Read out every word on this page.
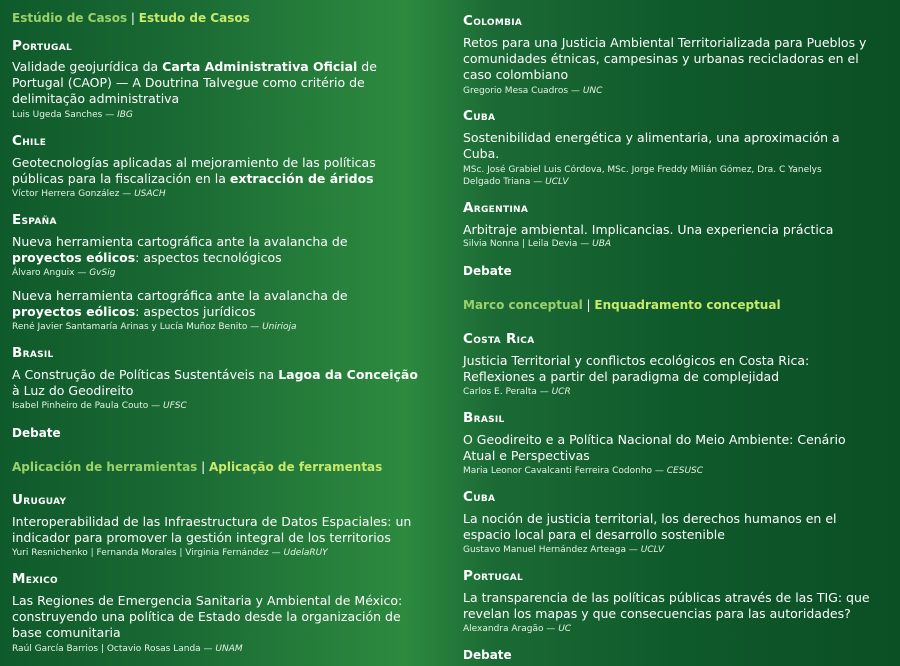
Estúdio de Casos | Estudo de Casos
Portugal
Validade geojurídica da Carta Administrativa Oficial de
Portugal (CAOP) — A Doutrina Talvegue como critério de
delimitação administrativa
Luis Ugeda Sanches — IBG
Chile
Geotecnologías aplicadas al mejoramiento de las políticas
públicas para la fiscalización en la extracción de áridos
Víctor Herrera González — USACH
España
Nueva herramienta cartográfica ante la avalancha de
proyectos eólicos: aspectos tecnológicos
Álvaro Anguix — GvSig
Nueva herramienta cartográfica ante la avalancha de
proyectos eólicos: aspectos jurídicos
René Javier Santamaría Arinas y Lucía Muñoz Benito — Unirioja
Brasil
A Construção de Políticas Sustentáveis na Lagoa da Conceição
à Luz do Geodireito
Isabel Pinheiro de Paula Couto — UFSC
Debate
Aplicación de herramientas | Aplicação de ferramentas
Uruguay
Interoperabilidad de las Infraestructura de Datos Espaciales: un
indicador para promover la gestión integral de los territorios
Yuri Resnichenko | Fernanda Morales | Virginia Fernández — UdelaRUY
Mexico
Las Regiones de Emergencia Sanitaria y Ambiental de México:
construyendo una política de Estado desde la organización de
base comunitaria
Raúl García Barrios | Octavio Rosas Landa — UNAM
Colombia
Retos para una Justicia Ambiental Territorializada para Pueblos y
comunidades étnicas, campesinas y urbanas recicladoras en el
caso colombiano
Gregorio Mesa Cuadros — UNC
Cuba
Sostenibilidad energética y alimentaria, una aproximación a
Cuba.
MSc. José Grabiel Luis Córdova, MSc. Jorge Freddy Milián Gómez, Dra. C Yanelys
Delgado Triana — UCLV
Argentina
Arbitraje ambiental. Implicancias. Una experiencia práctica
Silvia Nonna | Leila Devia — UBA
Debate
Marco conceptual | Enquadramento conceptual
Costa Rica
Justicia Territorial y conflictos ecológicos en Costa Rica:
Reflexiones a partir del paradigma de complejidad
Carlos E. Peralta — UCR
Brasil
O Geodireito e a Política Nacional do Meio Ambiente: Cenário
Atual e Perspectivas
Maria Leonor Cavalcanti Ferreira Codonho — CESUSC
Cuba
La noción de justicia territorial, los derechos humanos en el
espacio local para el desarrollo sostenible
Gustavo Manuel Hernández Arteaga — UCLV
Portugal
La transparencia de las políticas públicas através de las TIG: que
revelan los mapas y que consecuencias para las autoridades?
Alexandra Aragão — UC
Debate
